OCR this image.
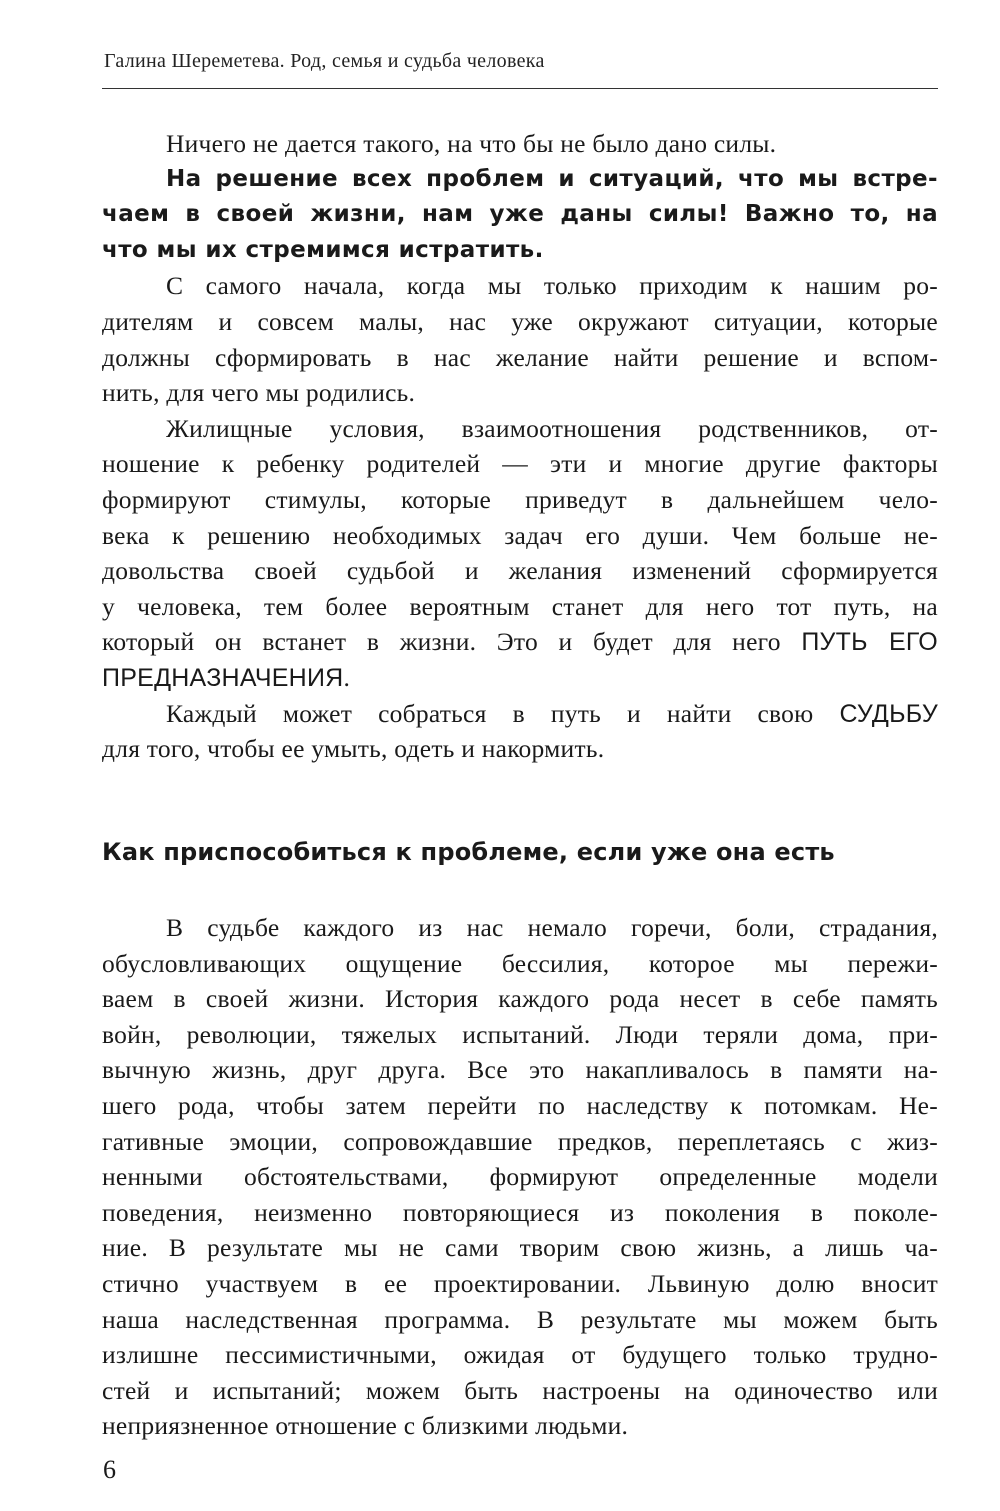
Галина Шереметева. Род, семья и судьба человека
Ничего не дается такого, на что бы не было дано силы.
На решение всех проблем и ситуаций, что мы встре-
чаем в своей жизни, нам уже даны силы! Важно то, на
что мы их стремимся истратить.
С самого начала, когда мы только приходим к нашим ро-
дителям и совсем малы, нас уже окружают ситуации, которые
должны сформировать в нас желание найти решение и вспом-
нить, для чего мы родились.
Жилищные условия, взаимоотношения родственников, от-
ношение к ребенку родителей — эти и многие другие факторы
формируют стимулы, которые приведут в дальнейшем чело-
века к решению необходимых задач его души. Чем больше не-
довольства своей судьбой и желания изменений сформируется
у человека, тем более вероятным станет для него тот путь, на
который он встанет в жизни. Это и будет для него ПУТЬ ЕГО
ПРЕДНАЗНАЧЕНИЯ.
Каждый может собраться в путь и найти свою СУДЬБУ
для того, чтобы ее умыть, одеть и накормить.
Как приспособиться к проблеме, если уже она есть
В судьбе каждого из нас немало горечи, боли, страдания,
обусловливающих ощущение бессилия, которое мы пережи-
ваем в своей жизни. История каждого рода несет в себе память
войн, революции, тяжелых испытаний. Люди теряли дома, при-
вычную жизнь, друг друга. Все это накапливалось в памяти на-
шего рода, чтобы затем перейти по наследству к потомкам. Не-
гативные эмоции, сопровождавшие предков, переплетаясь с жиз-
ненными обстоятельствами, формируют определенные модели
поведения, неизменно повторяющиеся из поколения в поколе-
ние. В результате мы не сами творим свою жизнь, а лишь ча-
стично участвуем в ее проектировании. Львиную долю вносит
наша наследственная программа. В результате мы можем быть
излишне пессимистичными, ожидая от будущего только трудно-
стей и испытаний; можем быть настроены на одиночество или
неприязненное отношение с близкими людьми.
6
